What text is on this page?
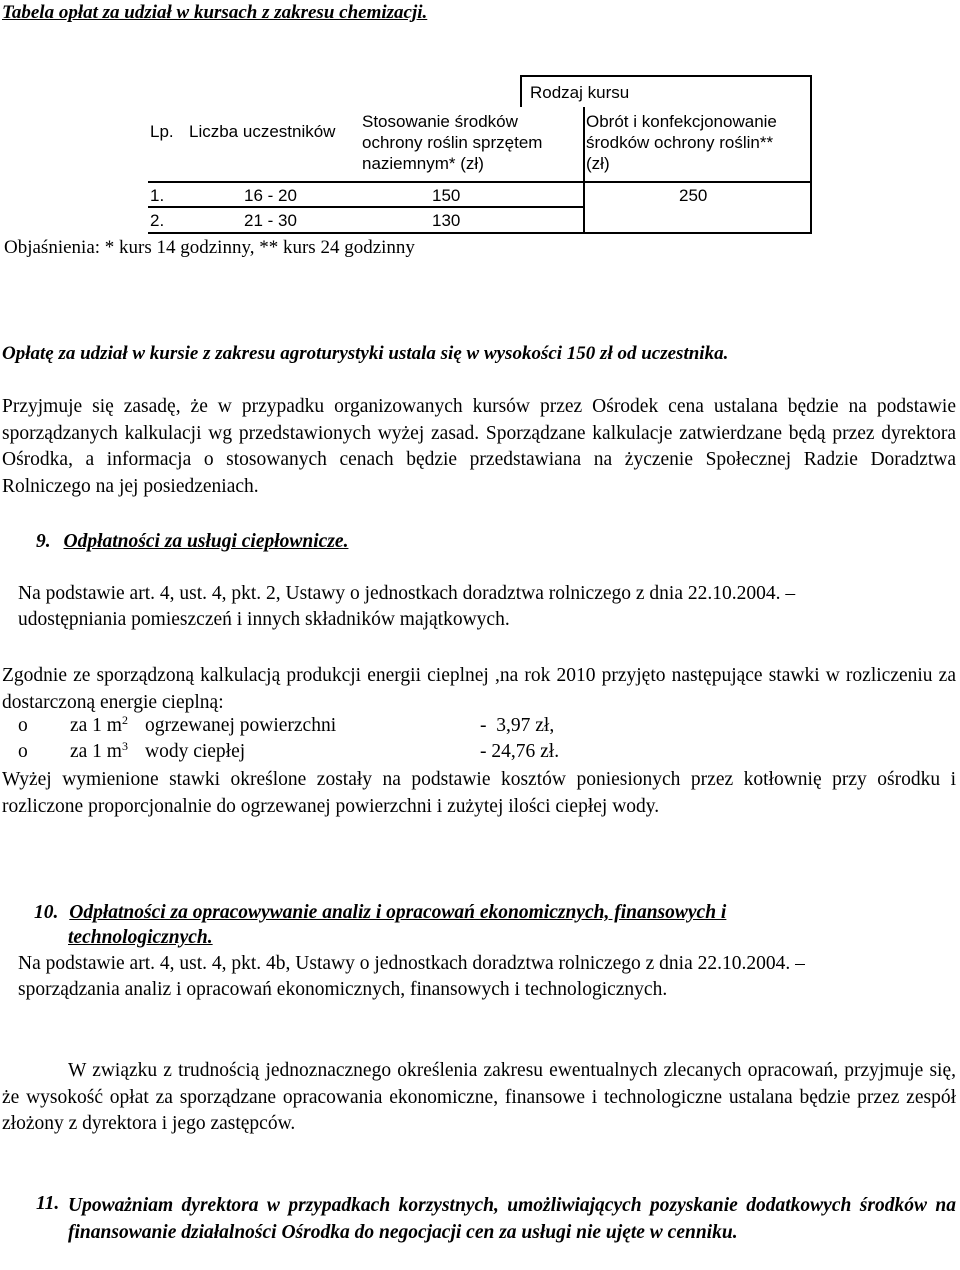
Tabela opłat za udział w kursach z zakresu chemizacji.
Rodzaj kursu
Lp. Liczba uczestników
Stosowanie środków
ochrony roślin sprzętem
naziemnym* (zł)
Obrót i konfekcjonowanie
środków ochrony roślin**
(zł)
1.	16 - 20	150	250
2.	21 - 30	130
Objaśnienia: * kurs 14 godzinny, ** kurs 24 godzinny
Opłatę za udział w kursie z zakresu agroturystyki ustala się w wysokości 150 zł od uczestnika.
Przyjmuje się zasadę, że w przypadku organizowanych kursów przez Ośrodek cena ustalana będzie na podstawie sporządzanych kalkulacji wg przedstawionych wyżej zasad. Sporządzane kalkulacje zatwierdzane będą przez dyrektora Ośrodka, a informacja o stosowanych cenach będzie przedstawiana na życzenie Społecznej Radzie Doradztwa Rolniczego na jej posiedzeniach.
9. Odpłatności za usługi ciepłownicze.
Na podstawie art. 4, ust. 4, pkt. 2, Ustawy o jednostkach doradztwa rolniczego z dnia 22.10.2004. –
udostępniania pomieszczeń i innych składników majątkowych.
Zgodnie ze sporządzoną kalkulacją produkcji energii cieplnej ,na rok 2010 przyjęto następujące stawki w rozliczeniu za dostarczoną energie cieplną:
o za 1 $m^2$ ogrzewanej powierzchni	-  3,97 zł,
o za 1 $m^3$ wody ciepłej	- 24,76 zł.
Wyżej wymienione stawki określone zostały na podstawie kosztów poniesionych przez kotłownię przy ośrodku i rozliczone proporcjonalnie do ogrzewanej powierzchni i zużytej ilości ciepłej wody.
10. Odpłatności za opracowywanie analiz i opracowań ekonomicznych, finansowych i
technologicznych.
Na podstawie art. 4, ust. 4, pkt. 4b, Ustawy o jednostkach doradztwa rolniczego z dnia 22.10.2004. –
sporządzania analiz i opracowań ekonomicznych, finansowych i technologicznych.
W związku z trudnością jednoznacznego określenia zakresu ewentualnych zlecanych opracowań, przyjmuje się, że wysokość opłat za sporządzane opracowania ekonomiczne, finansowe i technologiczne ustalana będzie przez zespół złożony z dyrektora i jego zastępców.
11. Upoważniam dyrektora w przypadkach korzystnych, umożliwiających pozyskanie dodatkowych środków na finansowanie działalności Ośrodka do negocjacji cen za usługi nie ujęte w cenniku.
